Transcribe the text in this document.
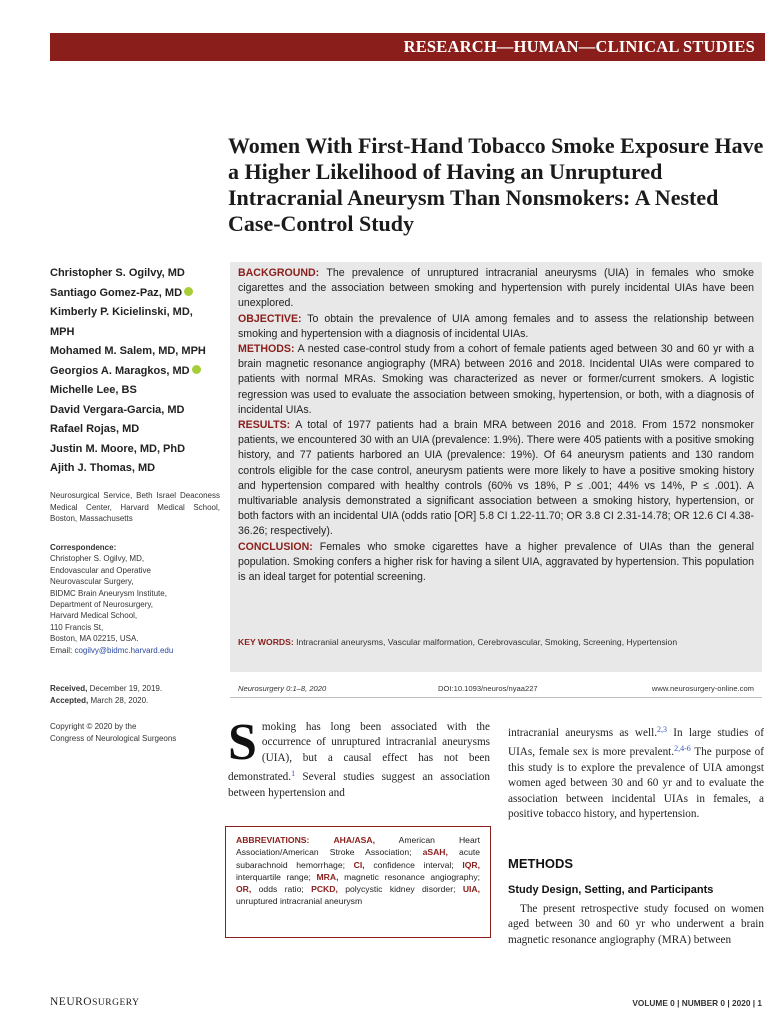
RESEARCH—HUMAN—CLINICAL STUDIES
Women With First-Hand Tobacco Smoke Exposure Have a Higher Likelihood of Having an Unruptured Intracranial Aneurysm Than Nonsmokers: A Nested Case-Control Study
Christopher S. Ogilvy, MD
Santiago Gomez-Paz, MD
Kimberly P. Kicielinski, MD, MPH
Mohamed M. Salem, MD, MPH
Georgios A. Maragkos, MD
Michelle Lee, BS
David Vergara-Garcia, MD
Rafael Rojas, MD
Justin M. Moore, MD, PhD
Ajith J. Thomas, MD
Neurosurgical Service, Beth Israel Deaconess Medical Center, Harvard Medical School, Boston, Massachusetts
Correspondence:
Christopher S. Ogilvy, MD,
Endovascular and Operative
Neurovascular Surgery,
BIDMC Brain Aneurysm Institute,
Department of Neurosurgery,
Harvard Medical School,
110 Francis St,
Boston, MA 02215, USA.
Email: cogilvy@bidmc.harvard.edu
Received, December 19, 2019.
Accepted, March 28, 2020.
Copyright © 2020 by the
Congress of Neurological Surgeons
BACKGROUND: The prevalence of unruptured intracranial aneurysms (UIA) in females who smoke cigarettes and the association between smoking and hypertension with purely incidental UIAs have been unexplored.
OBJECTIVE: To obtain the prevalence of UIA among females and to assess the relationship between smoking and hypertension with a diagnosis of incidental UIAs.
METHODS: A nested case-control study from a cohort of female patients aged between 30 and 60 yr with a brain magnetic resonance angiography (MRA) between 2016 and 2018. Incidental UIAs were compared to patients with normal MRAs. Smoking was characterized as never or former/current smokers. A logistic regression was used to evaluate the association between smoking, hypertension, or both, with a diagnosis of incidental UIAs.
RESULTS: A total of 1977 patients had a brain MRA between 2016 and 2018. From 1572 nonsmoker patients, we encountered 30 with an UIA (prevalence: 1.9%). There were 405 patients with a positive smoking history, and 77 patients harbored an UIA (prevalence: 19%). Of 64 aneurysm patients and 130 random controls eligible for the case control, aneurysm patients were more likely to have a positive smoking history and hypertension compared with healthy controls (60% vs 18%, P ≤ .001; 44% vs 14%, P ≤ .001). A multivariable analysis demonstrated a significant association between a smoking history, hypertension, or both factors with an incidental UIA (odds ratio [OR] 5.8 CI 1.22-11.70; OR 3.8 CI 2.31-14.78; OR 12.6 CI 4.38-36.26; respectively).
CONCLUSION: Females who smoke cigarettes have a higher prevalence of UIAs than the general population. Smoking confers a higher risk for having a silent UIA, aggravated by hypertension. This population is an ideal target for potential screening.
KEY WORDS: Intracranial aneurysms, Vascular malformation, Cerebrovascular, Smoking, Screening, Hypertension
Neurosurgery 0:1–8, 2020	DOI:10.1093/neuros/nyaa227	www.neurosurgery-online.com
Smoking has long been associated with the occurrence of unruptured intracranial aneurysms (UIA), but a causal effect has not been demonstrated.$^1$ Several studies suggest an association between hypertension and
ABBREVIATIONS:	AHA/ASA,	American Heart Association/American Stroke Association; aSAH, acute subarachnoid hemorrhage; CI, confidence interval; IQR, interquartile range; MRA, magnetic resonance angiography; OR, odds ratio; PCKD, polycystic kidney disorder; UIA, unruptured intracranial aneurysm
intracranial aneurysms as well.$^{2,3}$ In large studies of UIAs, female sex is more prevalent.$^{2,4-6}$ The purpose of this study is to explore the prevalence of UIA amongst women aged between 30 and 60 yr and to evaluate the association between incidental UIAs in females, a positive tobacco history, and hypertension.
METHODS
Study Design, Setting, and Participants
The present retrospective study focused on women aged between 30 and 60 yr who underwent a brain magnetic resonance angiography (MRA) between
NEUROSURGERY	VOLUME 0 | NUMBER 0 | 2020 | 1
